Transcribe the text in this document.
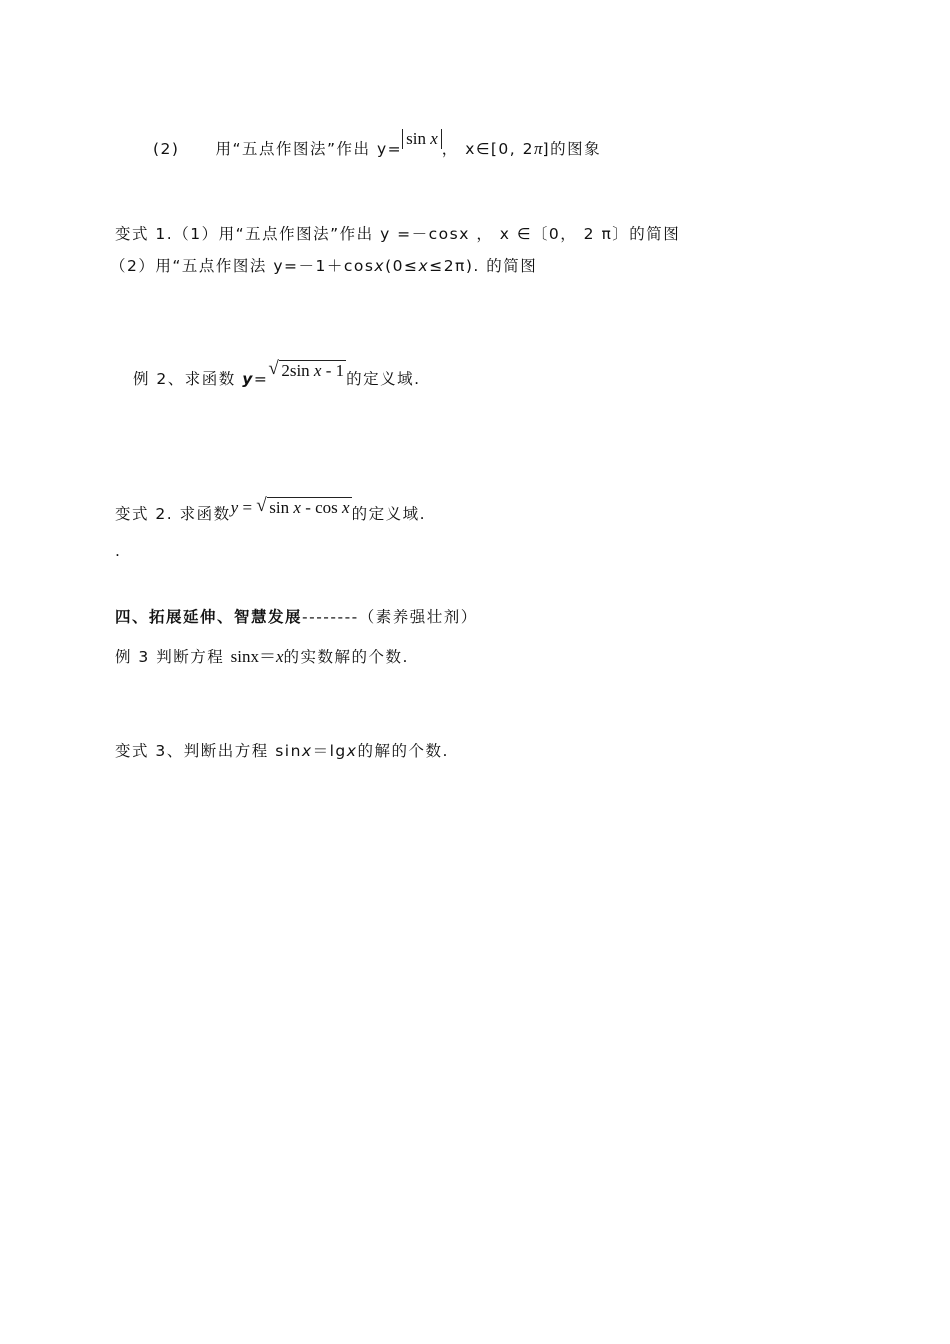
(2) 用“五点作图法”作出 y=sin x， x∈[0, 2π]的图象
变式 1.（1）用“五点作图法”作出 y =－cosx ， x ∈〔0， 2 π〕的简图
（2）用“五点作图法 y=－1＋cosx(0≤x≤2π). 的简图
例 2、求函数 y= √ 2sin x - 1 的定义域.
变式 2. 求函数y = √ sin x - cos x 的定义域.
.
四、拓展延伸、智慧发展--------（素养强壮剂）
例 3 判断方程 sinx＝x的实数解的个数.
变式 3、判断出方程 sinx＝lgx的解的个数.
